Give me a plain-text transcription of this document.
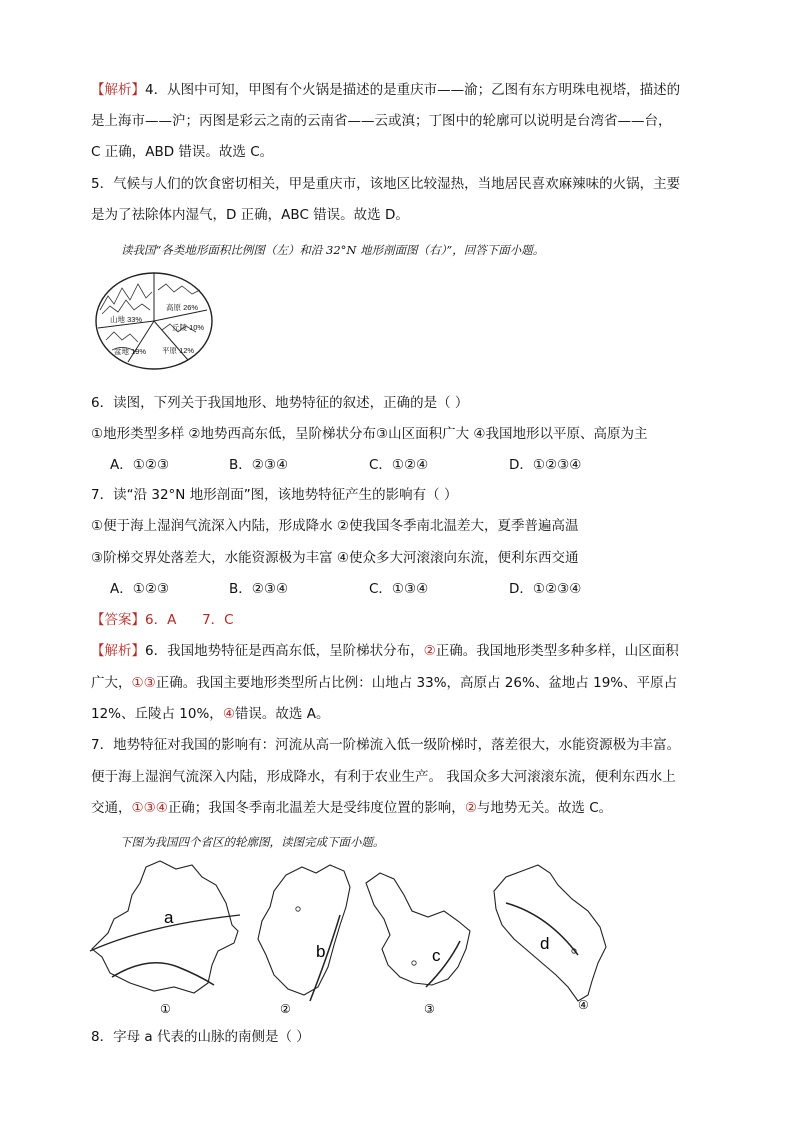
【解析】4．从图中可知，甲图有个火锅是描述的是重庆市——渝；乙图有东方明珠电视塔，描述的
是上海市——沪；丙图是彩云之南的云南省——云或滇；丁图中的轮廓可以说明是台湾省——台，
C 正确，ABD 错误。故选 C。
5．气候与人们的饮食密切相关，甲是重庆市，该地区比较湿热，当地居民喜欢麻辣味的火锅，主要
是为了祛除体内湿气，D 正确，ABC 错误。故选 D。
读我国“各类地形面积比例图（左）和沿 32°N 地形剖面图（右）”，回答下面小题。
高原 26%
山地 33%
丘陵 10%
盆地 19% 平原 12%
6．读图，下列关于我国地形、地势特征的叙述，正确的是（ ）
①地形类型多样 ②地势西高东低，呈阶梯状分布③山区面积广大 ④我国地形以平原、高原为主
A．①②③	B．②③④	C．①②④	D．①②③④
7．读“沿 32°N 地形剖面”图，该地势特征产生的影响有（ ）
①便于海上湿润气流深入内陆，形成降水 ②使我国冬季南北温差大，夏季普遍高温
③阶梯交界处落差大，水能资源极为丰富 ④使众多大河滚滚向东流，便利东西交通
A．①②③	B．②③④	C．①③④	D．①②③④
【答案】6．A      7．C
【解析】6．我国地势特征是西高东低，呈阶梯状分布，②正确。我国地形类型多种多样，山区面积
广大，①③正确。我国主要地形类型所占比例：山地占 33%，高原占 26%、盆地占 19%、平原占
12%、丘陵占 10%，④错误。故选 A。
7．地势特征对我国的影响有：河流从高一阶梯流入低一级阶梯时，落差很大，水能资源极为丰富。
便于海上湿润气流深入内陆，形成降水，有利于农业生产。 我国众多大河滚滚东流，便利东西水上
交通，①③④正确；我国冬季南北温差大是受纬度位置的影响，②与地势无关。故选 C。
下图为我国四个省区的轮廓图，读图完成下面小题。
a
①
b
②
c
③
d
④
8．字母 a 代表的山脉的南侧是（ ）
